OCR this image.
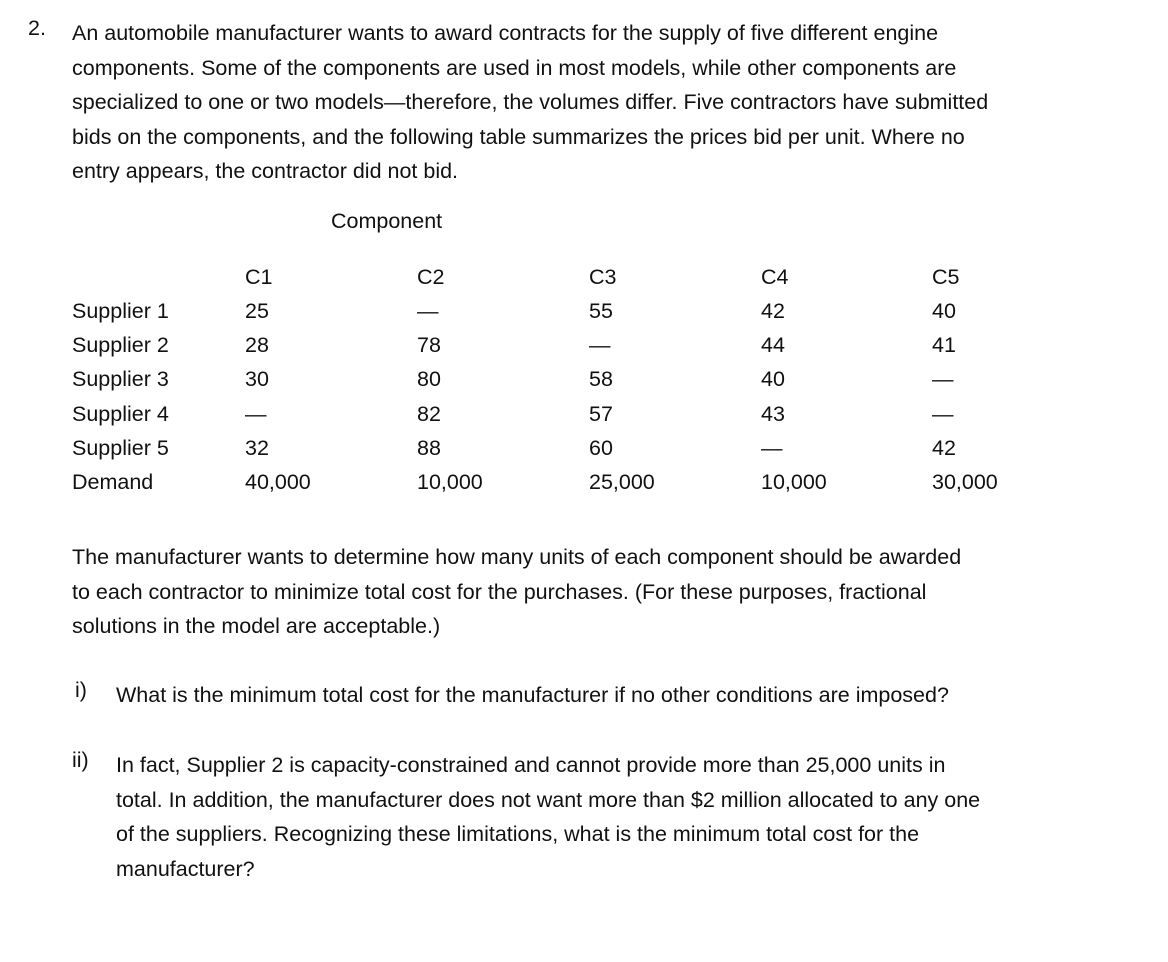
2. An automobile manufacturer wants to award contracts for the supply of five different engine
components. Some of the components are used in most models, while other components are
specialized to one or two models—therefore, the volumes differ. Five contractors have submitted
bids on the components, and the following table summarizes the prices bid per unit. Where no
entry appears, the contractor did not bid.
Component
C1	C2	C3	C4	C5
Supplier 1	25	—	55	42	40
Supplier 2	28	78	—	44	41
Supplier 3	30	80	58	40	—
Supplier 4	—	82	57	43	—
Supplier 5	32	88	60	—	42
Demand	40,000	10,000	25,000	10,000	30,000
The manufacturer wants to determine how many units of each component should be awarded
to each contractor to minimize total cost for the purchases. (For these purposes, fractional
solutions in the model are acceptable.)
i) What is the minimum total cost for the manufacturer if no other conditions are imposed?
ii) In fact, Supplier 2 is capacity-constrained and cannot provide more than 25,000 units in
total. In addition, the manufacturer does not want more than $2 million allocated to any one
of the suppliers. Recognizing these limitations, what is the minimum total cost for the
manufacturer?
